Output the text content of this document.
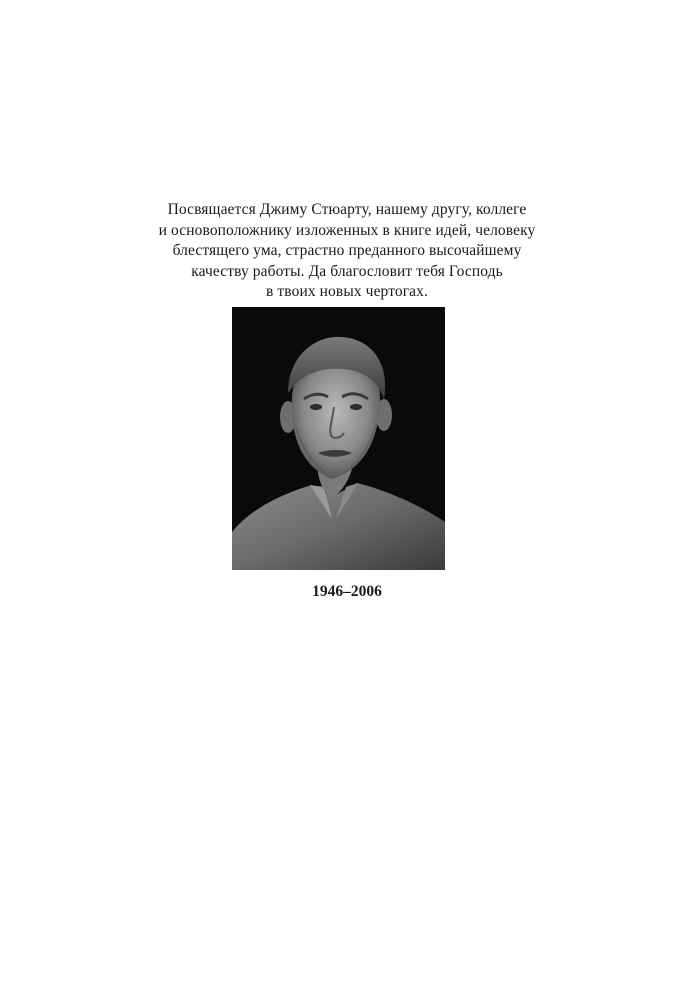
Посвящается Джиму Стюарту, нашему другу, коллеге
и основоположнику изложенных в книге идей, человеку
блестящего ума, страстно преданного высочайшему
качеству работы. Да благословит тебя Господь
в твоих новых чертогах.
1946–2006
